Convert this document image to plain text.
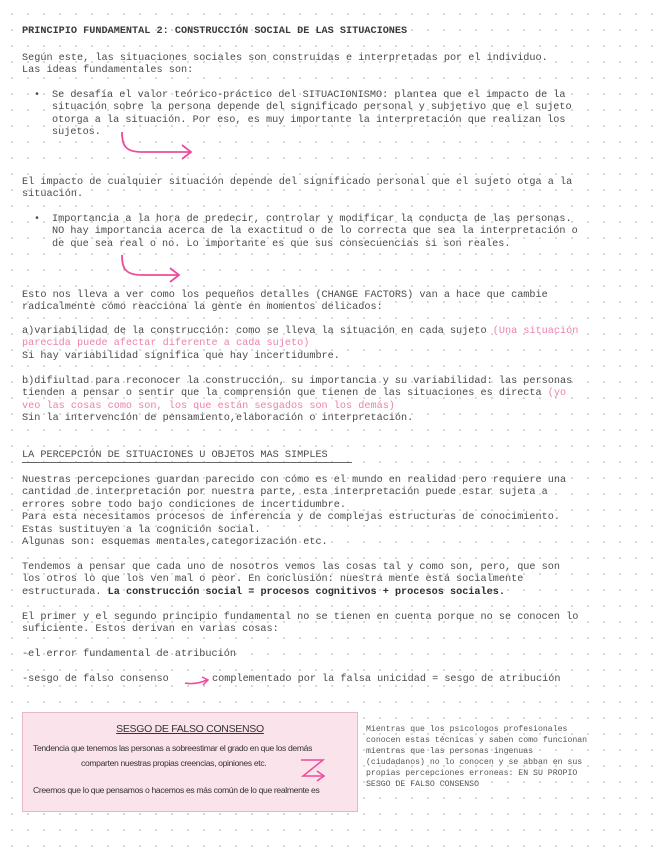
PRINCIPIO FUNDAMENTAL 2: CONSTRUCCIÓN SOCIAL DE LAS SITUACIONES
Según este, las situaciones sociales son construidas e interpretadas por el individuo.
Las ideas fundamentales son:
• Se desafía el valor teórico-práctico del SITUACIONISMO: plantea que el impacto de la
situación sobre la persona depende del significado personal y subjetivo que el sujeto
otorga a la situación. Por eso, es muy importante la interpretación que realizan los
sujetos.
El impacto de cualquier situación depende del significado personal que el sujeto otga a la
situación.
• Importancia a la hora de predecir, controlar y modificar la conducta de las personas.
NO hay importancia acerca de la exactitud o de lo correcta que sea la interpretación o
de que sea real o no. Lo importante es que sus consecuencias si son reales.
Esto nos lleva a ver como los pequeños detalles (CHANGE FACTORS) van a hace que cambie
radicalmente cómo reacciona la gente en momentos delicados:
a)variabilidad de la construcción: como se lleva la situación en cada sujeto (Una situación
parecida puede afectar diferente a cada sujeto)
Si hay variabilidad significa que hay incertidumbre.
b)difiultad para reconocer la construcción, su importancia y su variabilidad: las personas
tienden a pensar o sentir que la comprensión que tienen de las situaciones es directa (yo
veo las cosas como son, los que están sesgados son los demás)
Sin la intervención de pensamiento,elaboración o interpretación.
LA PERCEPCIÓN DE SITUACIONES U OBJETOS MAS SIMPLES
Nuestras percepciones guardan parecido con cómo es el mundo en realidad pero requiere una
cantidad de interpretación por nuestra parte, esta interpretación puede estar sujeta a
errores sobre todo bajo condiciones de incertidumbre.
Para esta necesitamos procesos de inferencia y de complejas estructuras de conocimiento.
Estas sustituyen a la cognición social.
Algunas son: esquemas mentales,categorización etc.
Tendemos a pensar que cada uno de nosotros vemos las cosas tal y como son, pero, que son
los otros lo que los ven mal o peor. En conclusión: nuestra mente está socialmente
estructurada. La construcción social = procesos cognitivos + procesos sociales.
El primer y el segundo principio fundamental no se tienen en cuenta porque no se conocen lo
suficiente. Estos derivan en varias cosas:
-el error fundamental de atribución
-sesgo de falso consenso	complementado por la falsa unicidad = sesgo de atribución
SESGO DE FALSO CONSENSO
Tendencia que tenemos las personas a sobreestimar el grado en que los demás
comparten nuestras propias creencias, opiniones etc.
Creemos que lo que pensamos o hacemos es más común de lo que realmente es
Mientras que los psicologos profesionales
conocen estas técnicas y saben como funcionan
mientras que las personas ingenuas
(ciudadanos) no lo conocen y se abban en sus
propias percepciones erroneas: EN SU PROPIO
SESGO DE FALSO CONSENSO
